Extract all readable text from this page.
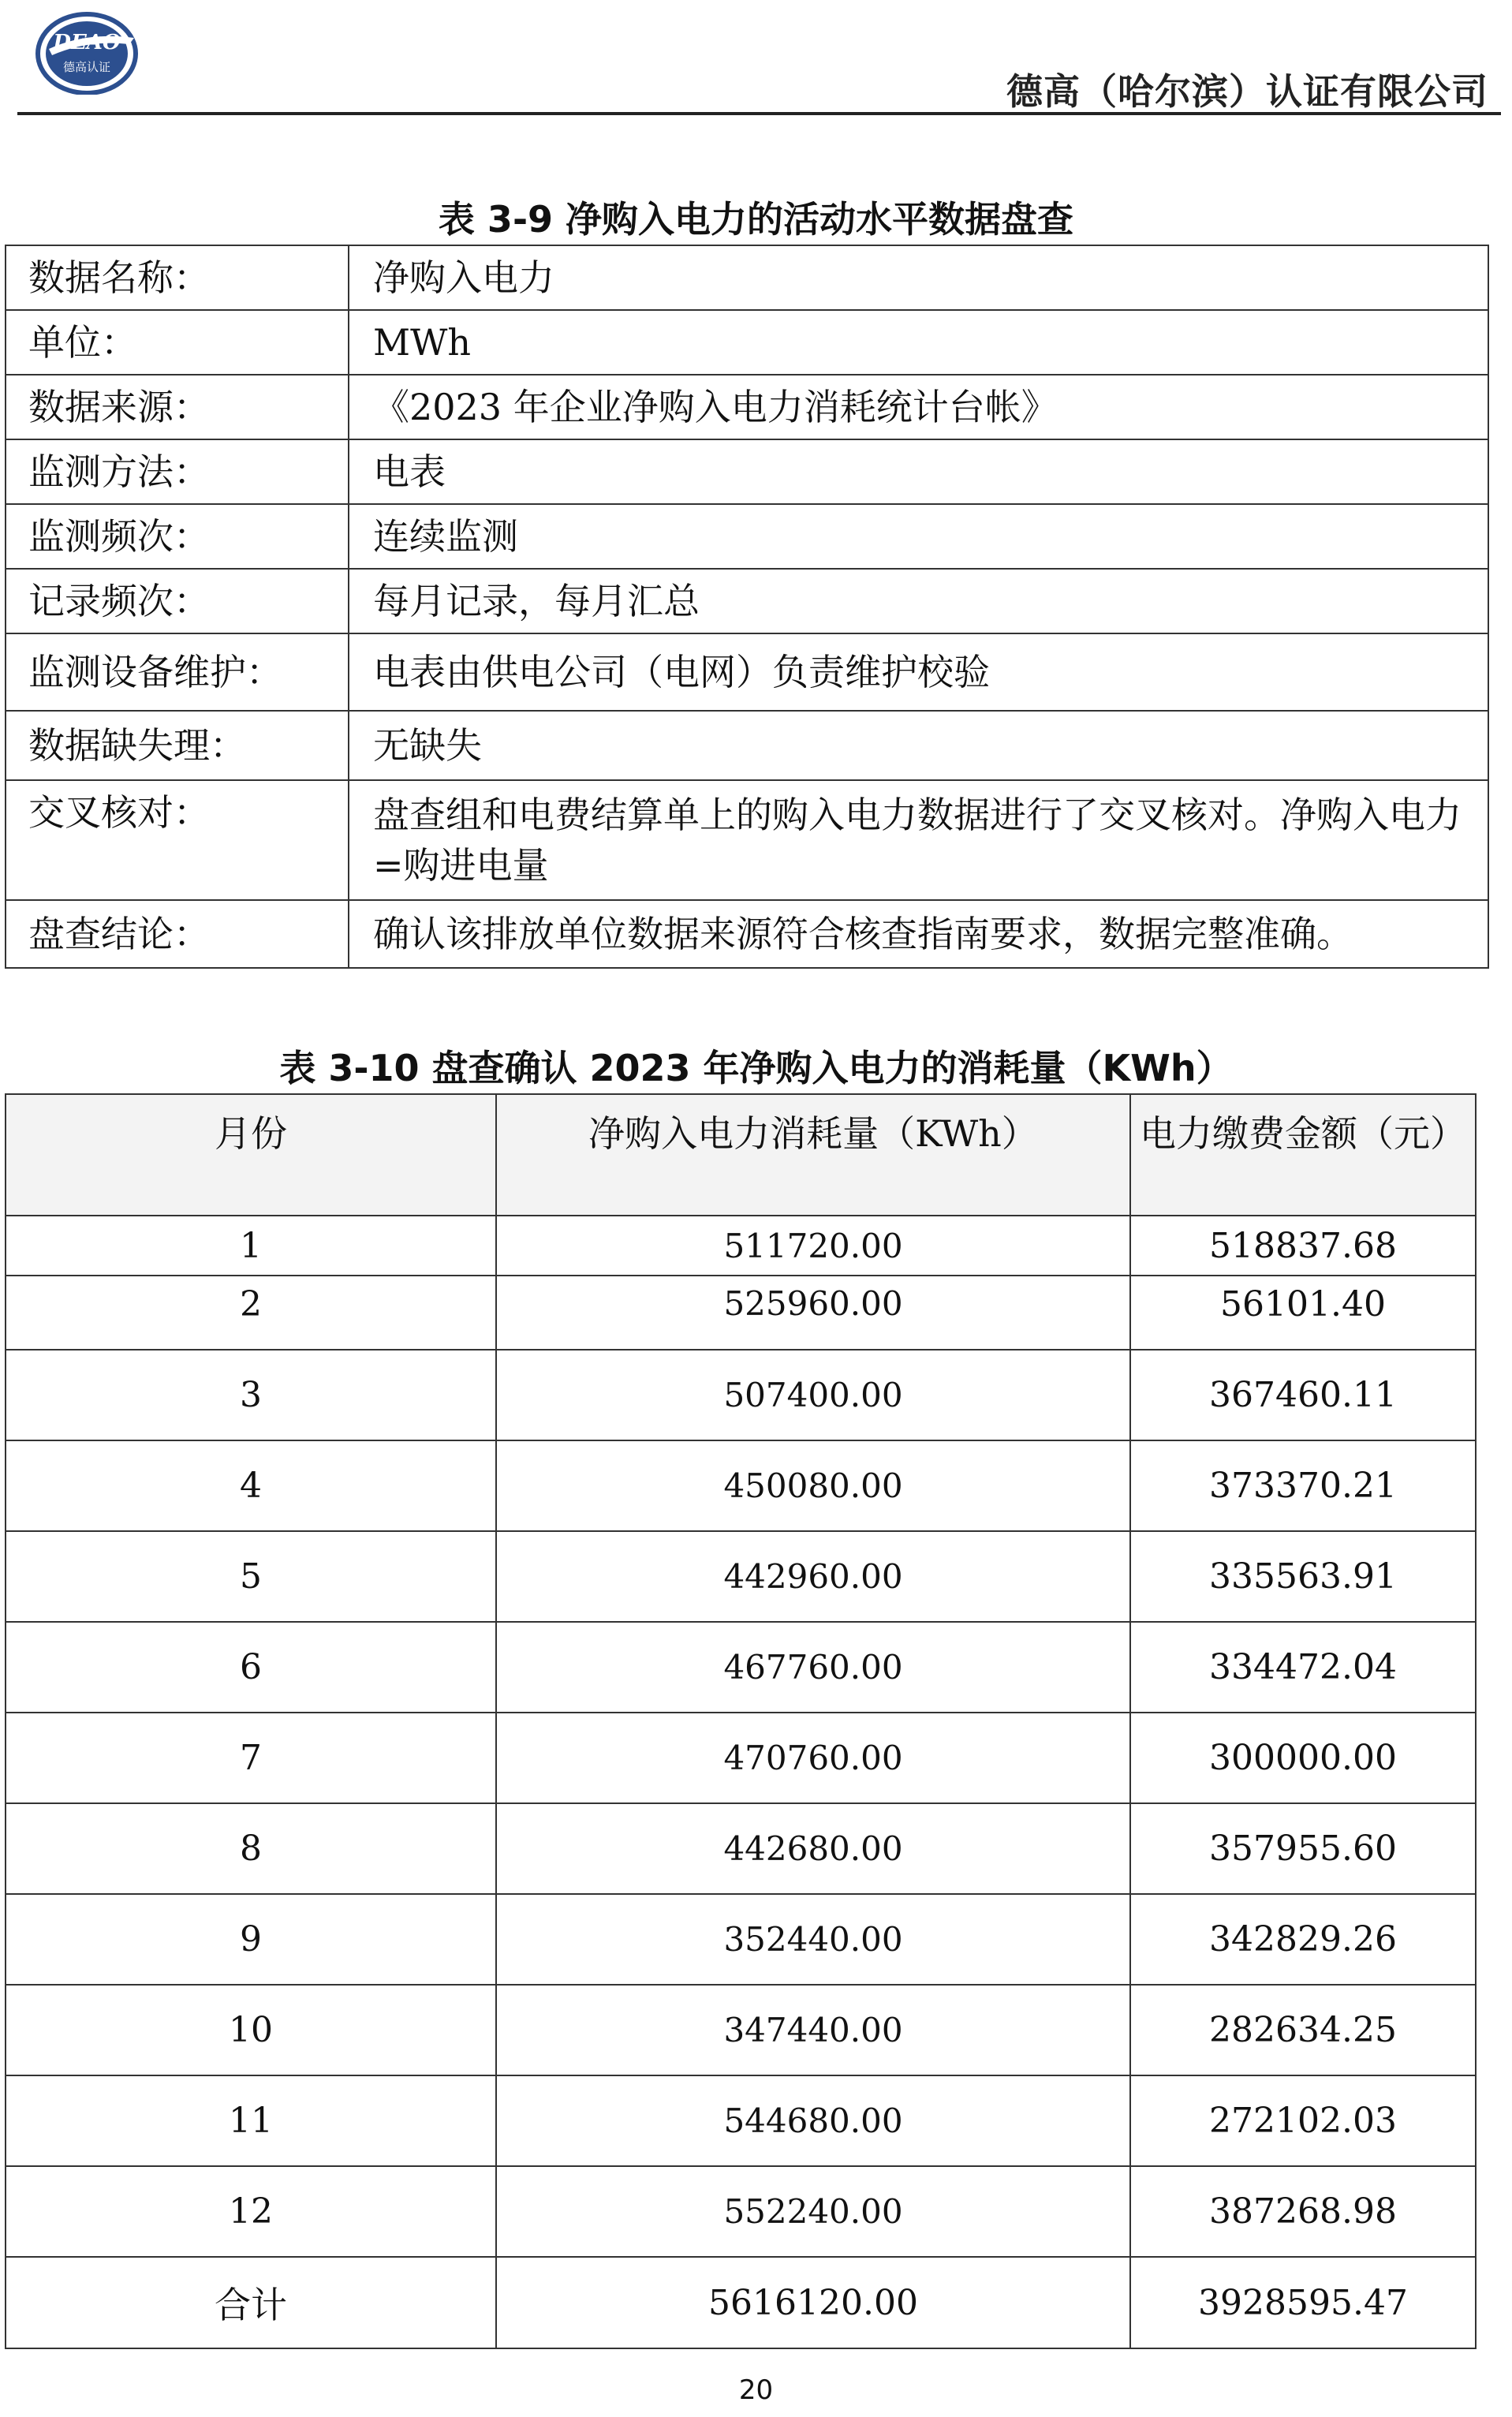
DEAO
德高认证
德高（哈尔滨）认证有限公司
表 3-9 净购入电力的活动水平数据盘查
数据名称：	净购入电力
单位：	MWh
数据来源：	《2023 年企业净购入电力消耗统计台帐》
监测方法：	电表
监测频次：	连续监测
记录频次：	每月记录，每月汇总
监测设备维护：	电表由供电公司（电网）负责维护校验
数据缺失理：	无缺失
交叉核对：	盘查组和电费结算单上的购入电力数据进行了交叉核对。净购入电力=购进电量
盘查结论：	确认该排放单位数据来源符合核查指南要求，数据完整准确。
表 3-10 盘查确认 2023 年净购入电力的消耗量（KWh）
月份	净购入电力消耗量（KWh）	电力缴费金额（元）
1	511720.00	518837.68
2	525960.00	56101.40
3	507400.00	367460.11
4	450080.00	373370.21
5	442960.00	335563.91
6	467760.00	334472.04
7	470760.00	300000.00
8	442680.00	357955.60
9	352440.00	342829.26
10	347440.00	282634.25
11	544680.00	272102.03
12	552240.00	387268.98
合计	5616120.00	3928595.47
20
